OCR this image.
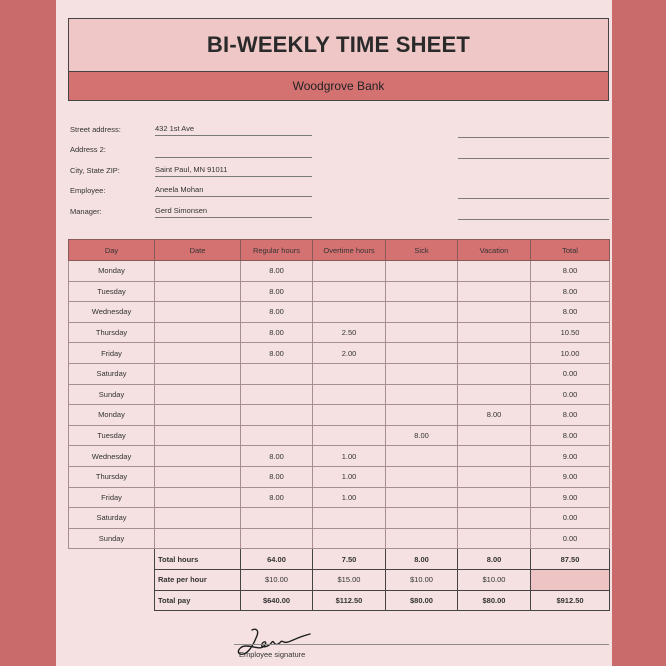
BI-WEEKLY TIME SHEET
Woodgrove Bank
Street address:	432 1st Ave
Address 2:
City, State ZIP:	Saint Paul, MN 91011
Employee:	Aneela Mohan
Manager:	Gerd Simonsen
Day	Date	Regular hours	Overtime hours	Sick	Vacation	Total
Monday		8.00				8.00
Tuesday		8.00				8.00
Wednesday		8.00				8.00
Thursday		8.00	2.50			10.50
Friday		8.00	2.00			10.00
Saturday						0.00
Sunday						0.00
Monday					8.00	8.00
Tuesday				8.00		8.00
Wednesday		8.00	1.00			9.00
Thursday		8.00	1.00			9.00
Friday		8.00	1.00			9.00
Saturday						0.00
Sunday						0.00
	Total hours	64.00	7.50	8.00	8.00	87.50
	Rate per hour	$10.00	$15.00	$10.00	$10.00	
	Total pay	$640.00	$112.50	$80.00	$80.00	$912.50
Employee signature
